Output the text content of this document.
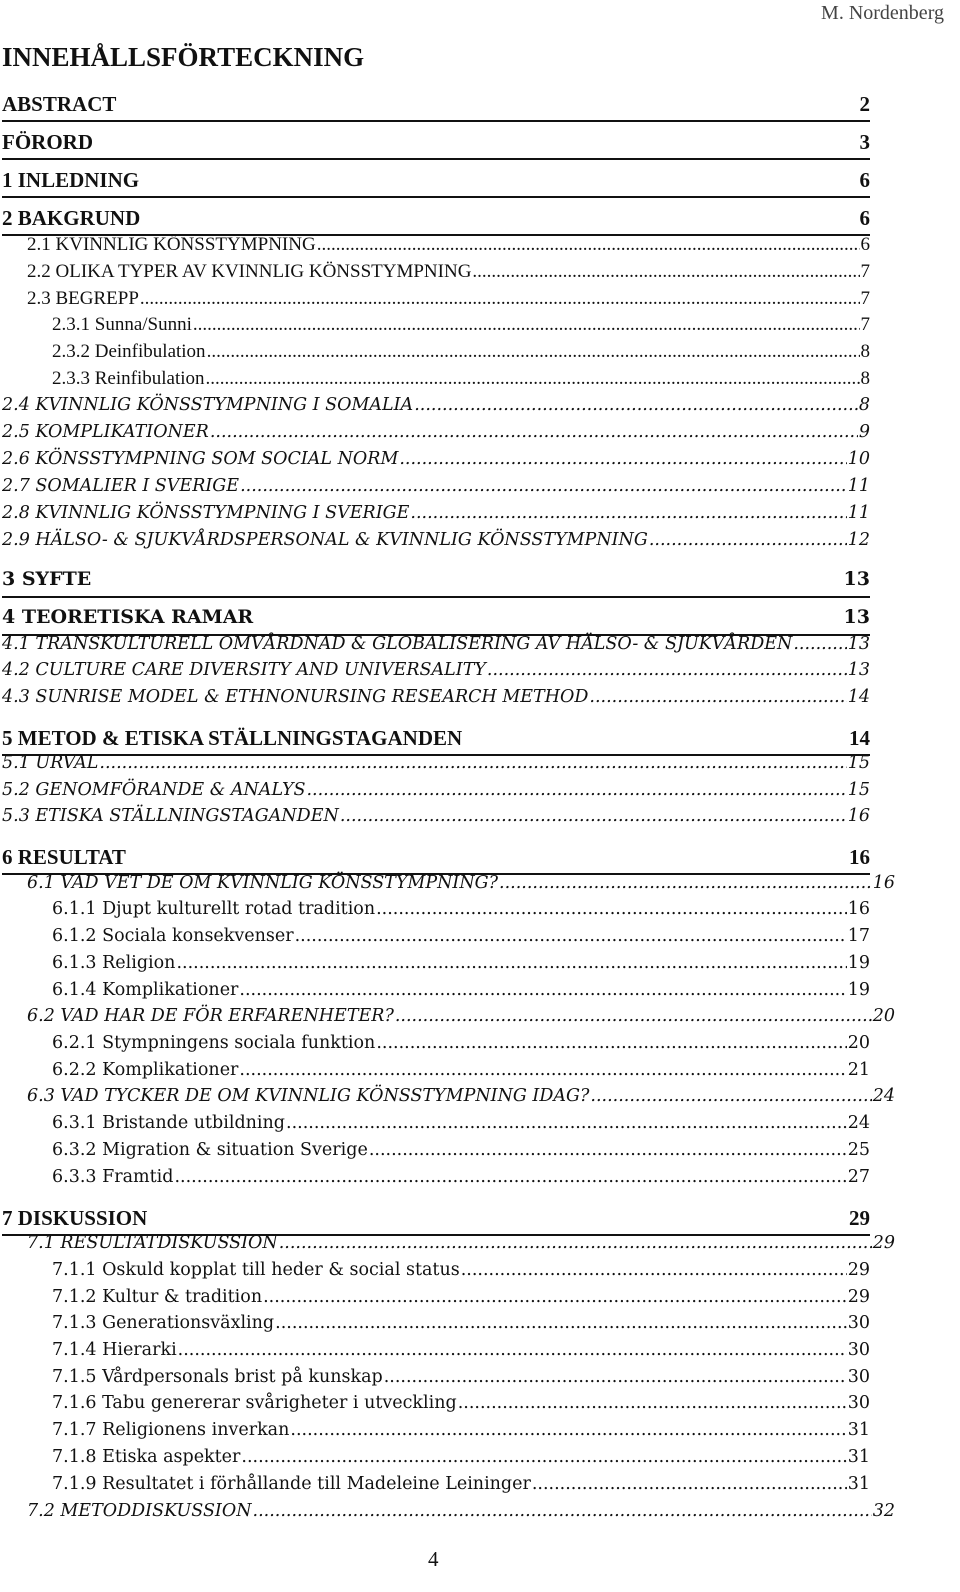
M. Nordenberg
INNEHÅLLSFÖRTECKNING
ABSTRACT	2
FÖRORD	3
1 INLEDNING	6
2 BAKGRUND	6
2.1 KVINNLIG KÖNSSTYMPNING .....	6
2.2 OLIKA TYPER AV KVINNLIG KÖNSSTYMPNING .....	7
2.3 BEGREPP .....	7
2.3.1 Sunna/Sunni .....	7
2.3.2 Deinfibulation .....	8
2.3.3 Reinfibulation .....	8
2.4 KVINNLIG KÖNSSTYMPNING I SOMALIA .....	8
2.5 KOMPLIKATIONER .....	9
2.6 KÖNSSTYMPNING SOM SOCIAL NORM .....	10
2.7 SOMALIER I SVERIGE .....	11
2.8 KVINNLIG KÖNSSTYMPNING I SVERIGE .....	11
2.9 HÄLSO- & SJUKVÅRDSPERSONAL & KVINNLIG KÖNSSTYMPNING .....	12
3 SYFTE	13
4 TEORETISKA RAMAR	13
4.1 TRANSKULTURELL OMVÅRDNAD & GLOBALISERING AV HÄLSO- & SJUKVÅRDEN .....	13
4.2 CULTURE CARE DIVERSITY AND UNIVERSALITY .....	13
4.3 SUNRISE MODEL & ETHNONURSING RESEARCH METHOD .....	14
5 METOD & ETISKA STÄLLNINGSTAGANDEN	14
5.1 URVAL .....	15
5.2 GENOMFÖRANDE & ANALYS .....	15
5.3 ETISKA STÄLLNINGSTAGANDEN .....	16
6 RESULTAT	16
6.1 VAD VET DE OM KVINNLIG KÖNSSTYMPNING? .....	16
6.1.1 Djupt kulturellt rotad tradition .....	16
6.1.2 Sociala konsekvenser .....	17
6.1.3 Religion .....	19
6.1.4 Komplikationer .....	19
6.2 VAD HAR DE FÖR ERFARENHETER? .....	20
6.2.1 Stympningens sociala funktion .....	20
6.2.2 Komplikationer .....	21
6.3 VAD TYCKER DE OM KVINNLIG KÖNSSTYMPNING IDAG? .....	24
6.3.1 Bristande utbildning .....	24
6.3.2 Migration & situation Sverige .....	25
6.3.3 Framtid .....	27
7 DISKUSSION	29
7.1 RESULTATDISKUSSION .....	29
7.1.1 Oskuld kopplat till heder & social status .....	29
7.1.2 Kultur & tradition .....	29
7.1.3 Generationsväxling .....	30
7.1.4 Hierarki .....	30
7.1.5 Vårdpersonals brist på kunskap .....	30
7.1.6 Tabu genererar svårigheter i utveckling .....	30
7.1.7 Religionens inverkan .....	31
7.1.8 Etiska aspekter .....	31
7.1.9 Resultatet i förhållande till Madeleine Leininger .....	31
7.2 METODDISKUSSION .....	32
4
